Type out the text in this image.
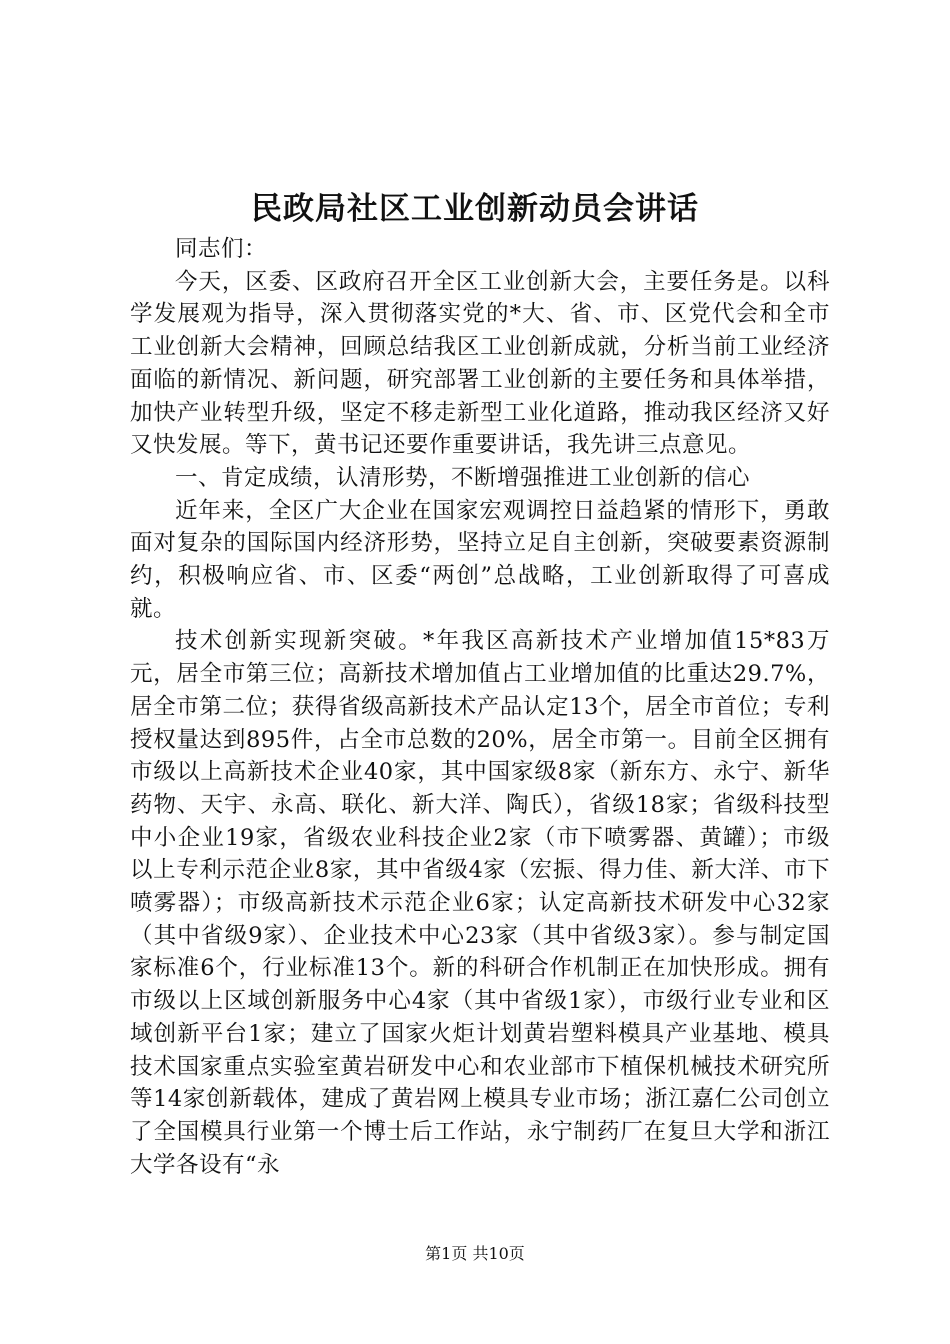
民政局社区工业创新动员会讲话

同志们：

今天，区委、区政府召开全区工业创新大会，主要任务是。以科学发展观为指导，深入贯彻落实党的*大、省、市、区党代会和全市工业创新大会精神，回顾总结我区工业创新成就，分析当前工业经济面临的新情况、新问题，研究部署工业创新的主要任务和具体举措，加快产业转型升级，坚定不移走新型工业化道路，推动我区经济又好又快发展。等下，黄书记还要作重要讲话，我先讲三点意见。

一、肯定成绩，认清形势，不断增强推进工业创新的信心

近年来，全区广大企业在国家宏观调控日益趋紧的情形下，勇敢面对复杂的国际国内经济形势，坚持立足自主创新，突破要素资源制约，积极响应省、市、区委“两创”总战略，工业创新取得了可喜成就。

技术创新实现新突破。*年我区高新技术产业增加值15*83万元，居全市第三位；高新技术增加值占工业增加值的比重达29.7%，居全市第二位；获得省级高新技术产品认定13个，居全市首位；专利授权量达到895件，占全市总数的20%，居全市第一。目前全区拥有市级以上高新技术企业40家，其中国家级8家（新东方、永宁、新华药物、天宇、永高、联化、新大洋、陶氏），省级18家；省级科技型中小企业19家，省级农业科技企业2家（市下喷雾器、黄罐）；市级以上专利示范企业8家，其中省级4家（宏振、得力佳、新大洋、市下喷雾器）；市级高新技术示范企业6家；认定高新技术研发中心32家（其中省级9家）、企业技术中心23家（其中省级3家）。参与制定国家标准6个，行业标准13个。新的科研合作机制正在加快形成。拥有市级以上区域创新服务中心4家（其中省级1家），市级行业专业和区域创新平台1家；建立了国家火炬计划黄岩塑料模具产业基地、模具技术国家重点实验室黄岩研发中心和农业部市下植保机械技术研究所等14家创新载体，建成了黄岩网上模具专业市场；浙江嘉仁公司创立了全国模具行业第一个博士后工作站，永宁制药厂在复旦大学和浙江大学各设有“永

第1页 共10页
